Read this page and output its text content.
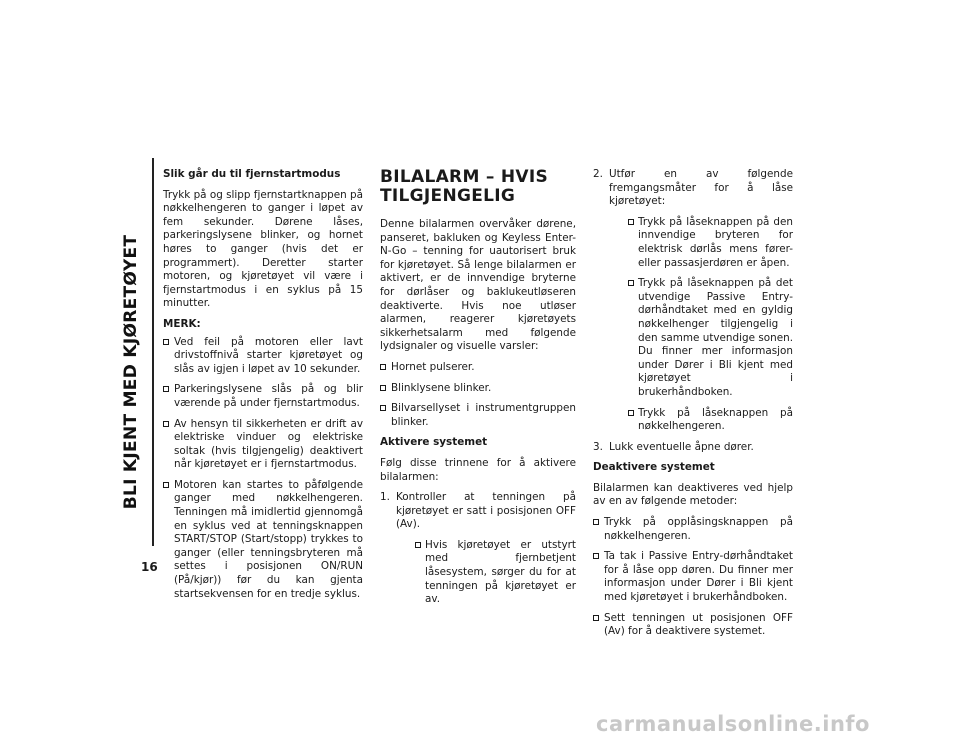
BLI KJENT MED KJØRETØYET
16
Slik går du til fjernstartmodus

Trykk på og slipp fjernstartknappen på nøkkelhengeren to ganger i løpet av fem sekunder. Dørene låses, parkeringslysene blinker, og hornet høres to ganger (hvis det er programmert). Deretter starter motoren, og kjøretøyet vil være i fjernstartmodus i en syklus på 15 minutter.

MERK:
Ved feil på motoren eller lavt drivstoffnivå starter kjøretøyet og slås av igjen i løpet av 10 sekunder.
Parkeringslysene slås på og blir værende på under fjernstartmodus.
Av hensyn til sikkerheten er drift av elektriske vinduer og elektriske soltak (hvis tilgjengelig) deaktivert når kjøretøyet er i fjernstartmodus.
Motoren kan startes to påfølgende ganger med nøkkelhengeren. Tenningen må imidlertid gjennomgå en syklus ved at tenningsknappen START/STOP (Start/stopp) trykkes to ganger (eller tenningsbryteren må settes i posisjonen ON/RUN (På/kjør)) før du kan gjenta startsekvensen for en tredje syklus.
BILALARM – HVIS TILGJENGELIG

Denne bilalarmen overvåker dørene, panseret, bakluken og Keyless Enter-N-Go – tenning for uautorisert bruk for kjøretøyet. Så lenge bilalarmen er aktivert, er de innvendige bryterne for dørlåser og baklukeutløseren deaktiverte. Hvis noe utløser alarmen, reagerer kjøretøyets sikkerhetsalarm med følgende lydsignaler og visuelle varsler:

Hornet pulserer.
Blinklysene blinker.
Bilvarsellyset i instrumentgruppen blinker.
Aktivere systemet

Følg disse trinnene for å aktivere bilalarmen:

1. Kontroller at tenningen på kjøretøyet er satt i posisjonen OFF (Av).
Hvis kjøretøyet er utstyrt med fjernbetjent låsesystem, sørger du for at tenningen på kjøretøyet er av.
2. Utfør en av følgende fremgangsmåter for å låse kjøretøyet:
Trykk på låseknappen på den innvendige bryteren for elektrisk dørlås mens fører- eller passasjerdøren er åpen.
Trykk på låseknappen på det utvendige Passive Entry-dørhåndtaket med en gyldig nøkkelhenger tilgjengelig i den samme utvendige sonen. Du finner mer informasjon under Dører i Bli kjent med kjøretøyet i brukerhåndboken.
Trykk på låseknappen på nøkkelhengeren.
3. Lukk eventuelle åpne dører.
Deaktivere systemet

Bilalarmen kan deaktiveres ved hjelp av en av følgende metoder:

Trykk på opplåsingsknappen på nøkkelhengeren.
Ta tak i Passive Entry-dørhåndtaket for å låse opp døren. Du finner mer informasjon under Dører i Bli kjent med kjøretøyet i brukerhåndboken.
Sett tenningen ut posisjonen OFF (Av) for å deaktivere systemet.
carmanualsonline.info
